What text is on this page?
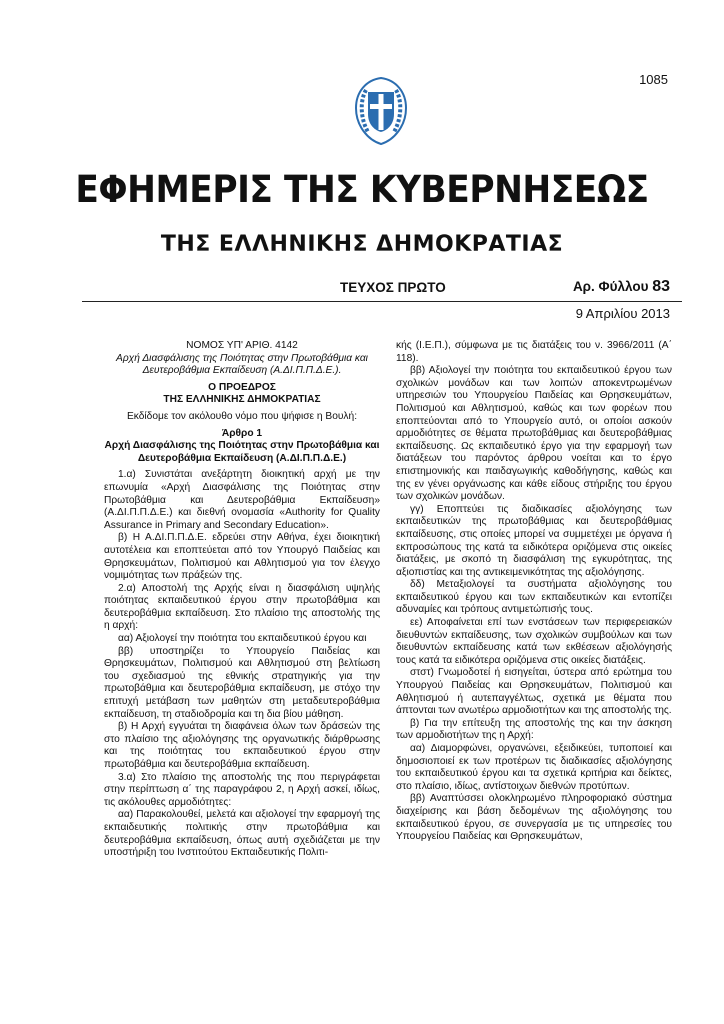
1085
ΕΦΗΜΕΡΙΣ ΤΗΣ ΚΥΒΕΡΝΗΣΕΩΣ
ΤΗΣ ΕΛΛΗΝΙΚΗΣ ΔΗΜΟΚΡΑΤΙΑΣ
ΤΕΥΧΟΣ ΠΡΩΤΟ	Αρ. Φύλλου 83
9 Απριλίου 2013

ΝΟΜΟΣ ΥΠ' ΑΡΙΘ. 4142

Αρχή Διασφάλισης της Ποιότητας στην Πρωτοβάθμια και Δευτεροβάθμια Εκπαίδευση (Α.ΔΙ.Π.Π.Δ.Ε.).

Ο ΠΡΟΕΔΡΟΣ

ΤΗΣ ΕΛΛΗΝΙΚΗΣ ΔΗΜΟΚΡΑΤΙΑΣ

Εκδίδομε τον ακόλουθο νόμο που ψήφισε η Βουλή:

Άρθρο 1

Αρχή Διασφάλισης της Ποιότητας στην Πρωτοβάθμια και Δευτεροβάθμια Εκπαίδευση (Α.ΔΙ.Π.Π.Δ.Ε.)

1.α) Συνιστάται ανεξάρτητη διοικητική αρχή με την επωνυμία «Αρχή Διασφάλισης της Ποιότητας στην Πρωτοβάθμια και Δευτεροβάθμια Εκπαίδευση» (Α.ΔΙ.Π.Π.Δ.Ε.) και διεθνή ονομασία «Authority for Quality Assurance in Primary and Secondary Education».

β) Η Α.ΔΙ.Π.Π.Δ.Ε. εδρεύει στην Αθήνα, έχει διοικητική αυτοτέλεια και εποπτεύεται από τον Υπουργό Παιδείας και Θρησκευμάτων, Πολιτισμού και Αθλητισμού για τον έλεγχο νομιμότητας των πράξεών της.

2.α) Αποστολή της Αρχής είναι η διασφάλιση υψηλής ποιότητας εκπαιδευτικού έργου στην πρωτοβάθμια και δευτεροβάθμια εκπαίδευση. Στο πλαίσιο της αποστολής της η αρχή:

αα) Αξιολογεί την ποιότητα του εκπαιδευτικού έργου και

ββ) υποστηρίζει το Υπουργείο Παιδείας και Θρησκευμάτων, Πολιτισμού και Αθλητισμού στη βελτίωση του σχεδιασμού της εθνικής στρατηγικής για την πρωτοβάθμια και δευτεροβάθμια εκπαίδευση, με στόχο την επιτυχή μετάβαση των μαθητών στη μεταδευτεροβάθμια εκπαίδευση, τη σταδιοδρομία και τη δια βίου μάθηση.

β) Η Αρχή εγγυάται τη διαφάνεια όλων των δράσεών της στο πλαίσιο της αξιολόγησης της οργανωτικής διάρθρωσης και της ποιότητας του εκπαιδευτικού έργου στην πρωτοβάθμια και δευτεροβάθμια εκπαίδευση.

3.α) Στο πλαίσιο της αποστολής της που περιγράφεται στην περίπτωση α΄ της παραγράφου 2, η Αρχή ασκεί, ιδίως, τις ακόλουθες αρμοδιότητες:

αα) Παρακολουθεί, μελετά και αξιολογεί την εφαρμογή της εκπαιδευτικής πολιτικής στην πρωτοβάθμια και δευτεροβάθμια εκπαίδευση, όπως αυτή σχεδιάζεται με την υποστήριξη του Ινστιτούτου Εκπαιδευτικής Πολιτι-

κής (Ι.Ε.Π.), σύμφωνα με τις διατάξεις του ν. 3966/2011 (Α΄ 118).

ββ) Αξιολογεί την ποιότητα του εκπαιδευτικού έργου των σχολικών μονάδων και των λοιπών αποκεντρωμένων υπηρεσιών του Υπουργείου Παιδείας και Θρησκευμάτων, Πολιτισμού και Αθλητισμού, καθώς και των φορέων που εποπτεύονται από το Υπουργείο αυτό, οι οποίοι ασκούν αρμοδιότητες σε θέματα πρωτοβάθμιας και δευτεροβάθμιας εκπαίδευσης. Ως εκπαιδευτικό έργο για την εφαρμογή των διατάξεων του παρόντος άρθρου νοείται και το έργο επιστημονικής και παιδαγωγικής καθοδήγησης, καθώς και της εν γένει οργάνωσης και κάθε είδους στήριξης του έργου των σχολικών μονάδων.

γγ) Εποπτεύει τις διαδικασίες αξιολόγησης των εκπαιδευτικών της πρωτοβάθμιας και δευτεροβάθμιας εκπαίδευσης, στις οποίες μπορεί να συμμετέχει με όργανα ή εκπροσώπους της κατά τα ειδικότερα οριζόμενα στις οικείες διατάξεις, με σκοπό τη διασφάλιση της εγκυρότητας, της αξιοπιστίας και της αντικειμενικότητας της αξιολόγησης.

δδ) Μεταξιολογεί τα συστήματα αξιολόγησης του εκπαιδευτικού έργου και των εκπαιδευτικών και εντοπίζει αδυναμίες και τρόπους αντιμετώπισής τους.

εε) Αποφαίνεται επί των ενστάσεων των περιφερειακών διευθυντών εκπαίδευσης, των σχολικών συμβούλων και των διευθυντών εκπαίδευσης κατά των εκθέσεων αξιολόγησής τους κατά τα ειδικότερα οριζόμενα στις οικείες διατάξεις.

στστ) Γνωμοδοτεί ή εισηγείται, ύστερα από ερώτημα του Υπουργού Παιδείας και Θρησκευμάτων, Πολιτισμού και Αθλητισμού ή αυτεπαγγέλτως, σχετικά με θέματα που άπτονται των ανωτέρω αρμοδιοτήτων και της αποστολής της.

β) Για την επίτευξη της αποστολής της και την άσκηση των αρμοδιοτήτων της η Αρχή:

αα) Διαμορφώνει, οργανώνει, εξειδικεύει, τυποποιεί και δημοσιοποιεί εκ των προτέρων τις διαδικασίες αξιολόγησης του εκπαιδευτικού έργου και τα σχετικά κριτήρια και δείκτες, στο πλαίσιο, ιδίως, αντίστοιχων διεθνών προτύπων.

ββ) Αναπτύσσει ολοκληρωμένο πληροφοριακό σύστημα διαχείρισης και βάση δεδομένων της αξιολόγησης του εκπαιδευτικού έργου, σε συνεργασία με τις υπηρεσίες του Υπουργείου Παιδείας και Θρησκευμάτων,
